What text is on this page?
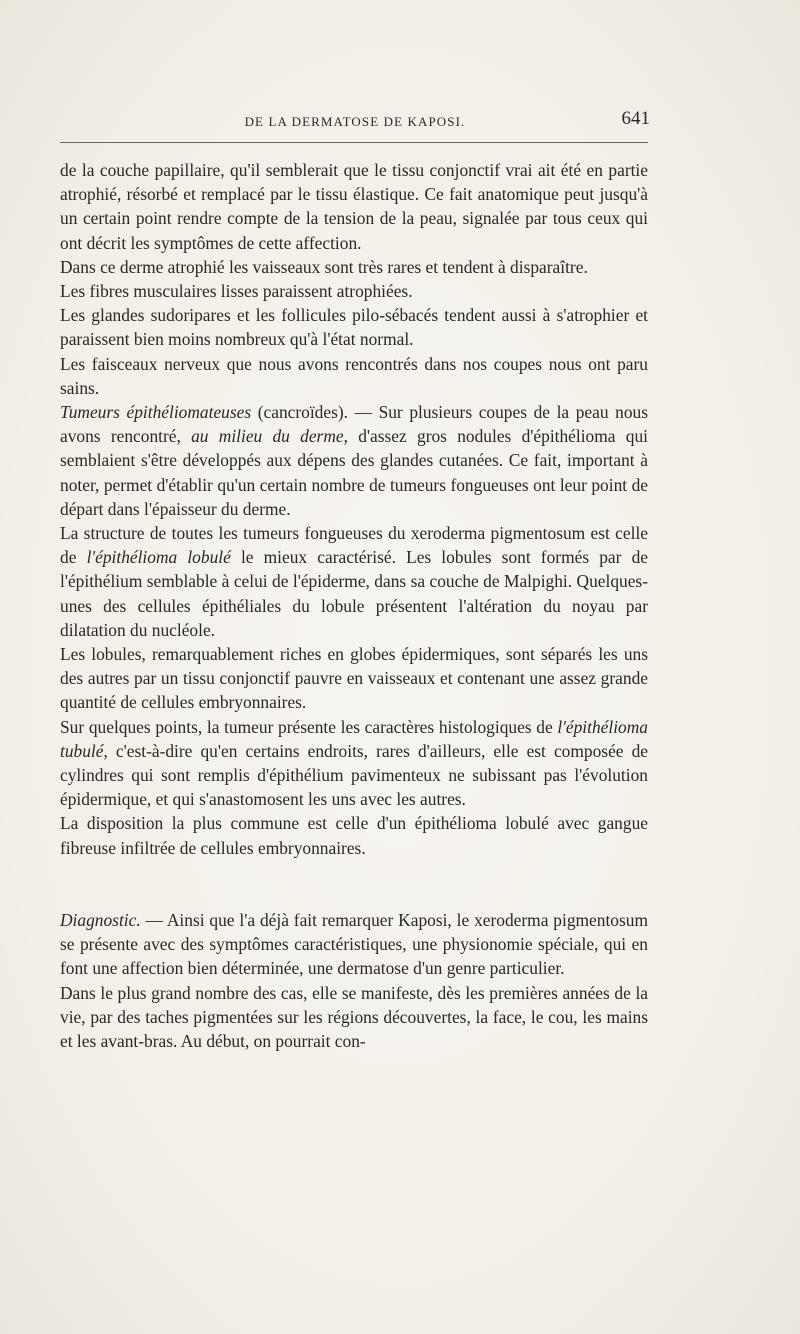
DE LA DERMATOSE DE KAPOSI.	641

de la couche papillaire, qu'il semblerait que le tissu conjonctif vrai ait été en partie atrophié, résorbé et remplacé par le tissu élastique. Ce fait anatomique peut jusqu'à un certain point rendre compte de la tension de la peau, signalée par tous ceux qui ont décrit les symptômes de cette affection.

Dans ce derme atrophié les vaisseaux sont très rares et tendent à disparaître.

Les fibres musculaires lisses paraissent atrophiées.

Les glandes sudoripares et les follicules pilo-sébacés tendent aussi à s'atrophier et paraissent bien moins nombreux qu'à l'état normal.

Les faisceaux nerveux que nous avons rencontrés dans nos coupes nous ont paru sains.

Tumeurs épithéliomateuses (cancroïdes). — Sur plusieurs coupes de la peau nous avons rencontré, au milieu du derme, d'assez gros nodules d'épithélioma qui semblaient s'être développés aux dépens des glandes cutanées. Ce fait, important à noter, permet d'établir qu'un certain nombre de tumeurs fongueuses ont leur point de départ dans l'épaisseur du derme.

La structure de toutes les tumeurs fongueuses du xeroderma pigmentosum est celle de l'épithélioma lobulé le mieux caractérisé. Les lobules sont formés par de l'épithélium semblable à celui de l'épiderme, dans sa couche de Malpighi. Quelques-unes des cellules épithéliales du lobule présentent l'altération du noyau par dilatation du nucléole.

Les lobules, remarquablement riches en globes épidermiques, sont séparés les uns des autres par un tissu conjonctif pauvre en vaisseaux et contenant une assez grande quantité de cellules embryonnaires.

Sur quelques points, la tumeur présente les caractères histologiques de l'épithélioma tubulé, c'est-à-dire qu'en certains endroits, rares d'ailleurs, elle est composée de cylindres qui sont remplis d'épithélium pavimenteux ne subissant pas l'évolution épidermique, et qui s'anastomosent les uns avec les autres.

La disposition la plus commune est celle d'un épithélioma lobulé avec gangue fibreuse infiltrée de cellules embryonnaires.

Diagnostic. — Ainsi que l'a déjà fait remarquer Kaposi, le xeroderma pigmentosum se présente avec des symptômes caractéristiques, une physionomie spéciale, qui en font une affection bien déterminée, une dermatose d'un genre particulier.

Dans le plus grand nombre des cas, elle se manifeste, dès les premières années de la vie, par des taches pigmentées sur les régions découvertes, la face, le cou, les mains et les avant-bras. Au début, on pourrait con-
